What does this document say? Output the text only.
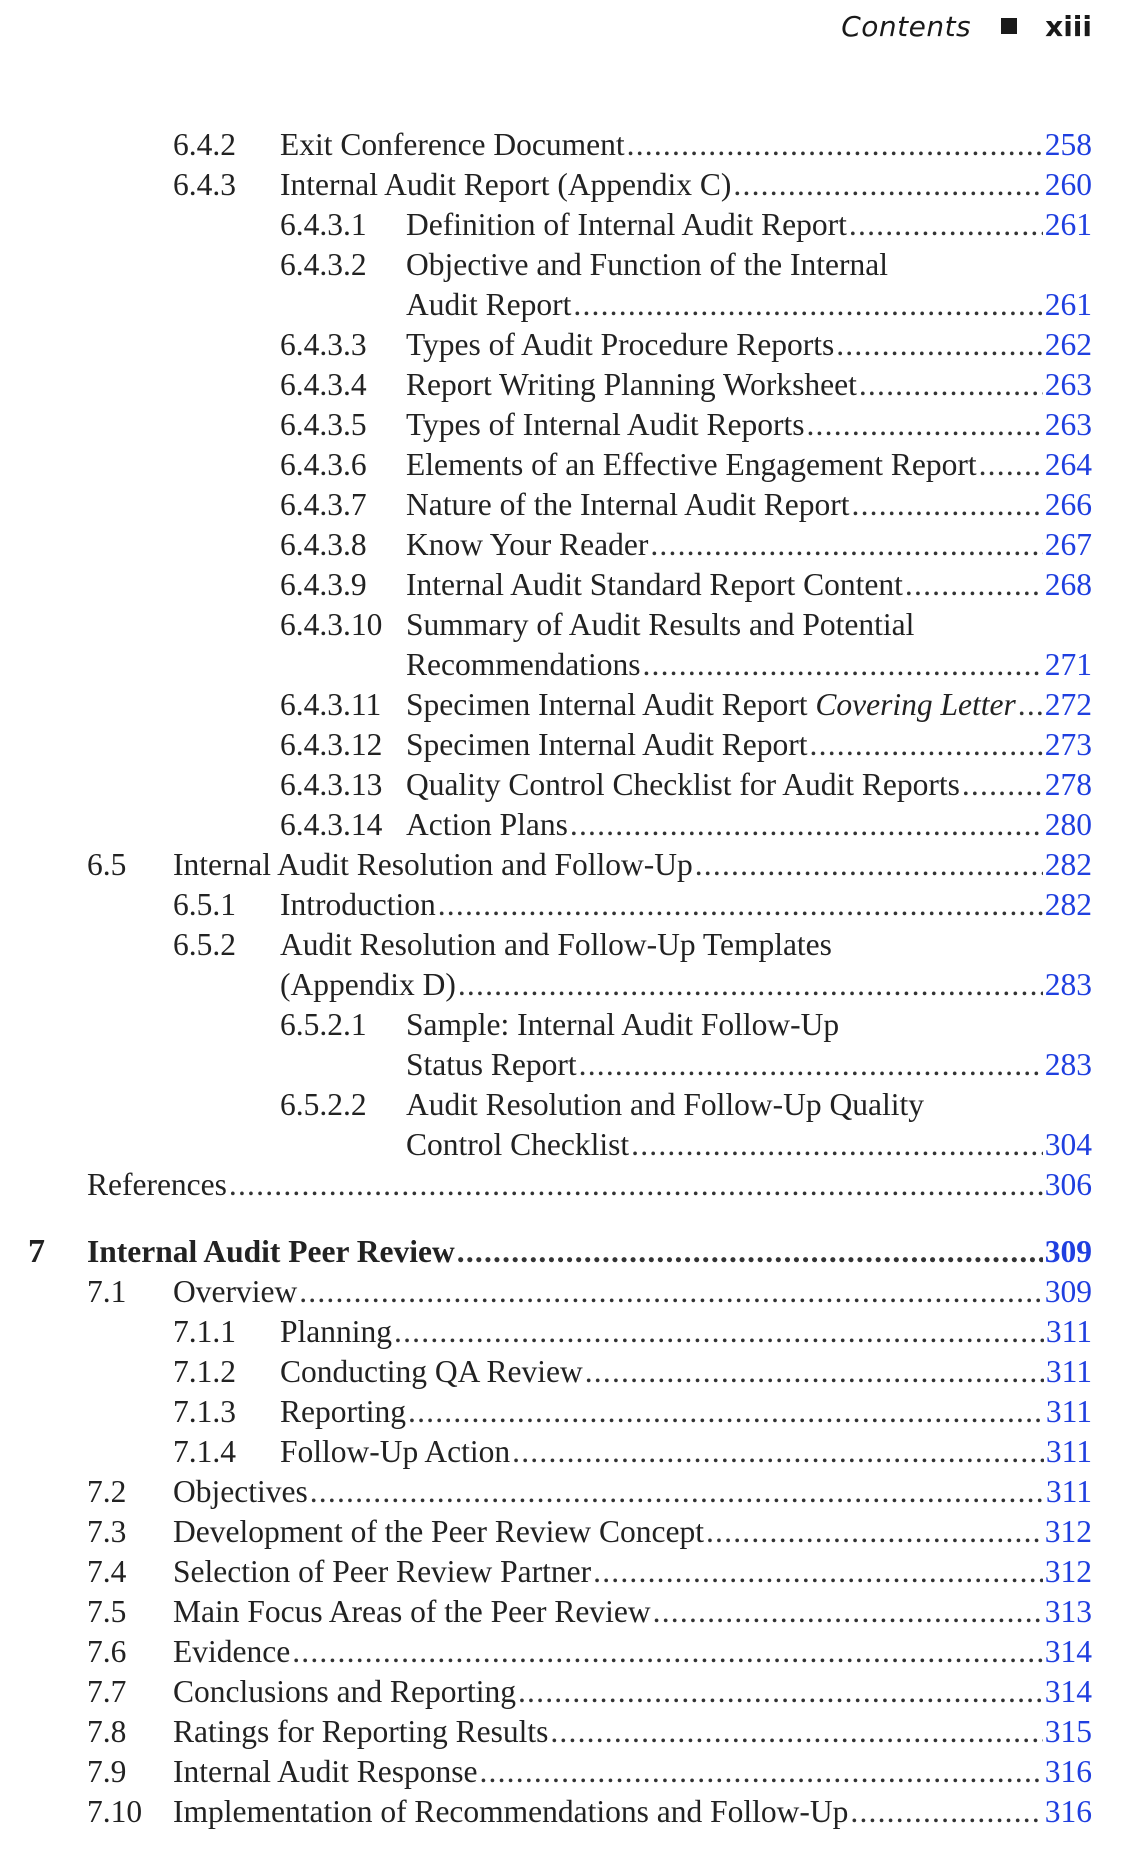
Contents	xiii
6.4.2 Exit Conference Document .....	258
6.4.3 Internal Audit Report (Appendix C) .....	260
6.4.3.1 Definition of Internal Audit Report .....	261
6.4.3.2 Objective and Function of the Internal
Audit Report .....	261
6.4.3.3 Types of Audit Procedure Reports .....	262
6.4.3.4 Report Writing Planning Worksheet .....	263
6.4.3.5 Types of Internal Audit Reports .....	263
6.4.3.6 Elements of an Effective Engagement Report ..... 264
6.4.3.7 Nature of the Internal Audit Report .....	266
6.4.3.8 Know Your Reader .....	267
6.4.3.9 Internal Audit Standard Report Content .....	268
6.4.3.10 Summary of Audit Results and Potential
Recommendations .....	271
6.4.3.11 Specimen Internal Audit Report Covering Letter ..... 272
6.4.3.12 Specimen Internal Audit Report .....	273
6.4.3.13 Quality Control Checklist for Audit Reports .....	278
6.4.3.14 Action Plans .....	280
6.5 Internal Audit Resolution and Follow-Up .....	282
6.5.1 Introduction .....	282
6.5.2 Audit Resolution and Follow-Up Templates
(Appendix D) .....	283
6.5.2.1 Sample: Internal Audit Follow-Up
Status Report .....	283
6.5.2.2 Audit Resolution and Follow-Up Quality
Control Checklist .....	304
References .....	306
7 Internal Audit Peer Review .....	309
7.1 Overview .....	309
7.1.1 Planning .....	311
7.1.2 Conducting QA Review .....	311
7.1.3 Reporting .....	311
7.1.4 Follow-Up Action .....	311
7.2 Objectives .....	311
7.3 Development of the Peer Review Concept .....	312
7.4 Selection of Peer Review Partner .....	312
7.5 Main Focus Areas of the Peer Review .....	313
7.6 Evidence .....	314
7.7 Conclusions and Reporting .....	314
7.8 Ratings for Reporting Results .....	315
7.9 Internal Audit Response .....	316
7.10 Implementation of Recommendations and Follow-Up .....	316
